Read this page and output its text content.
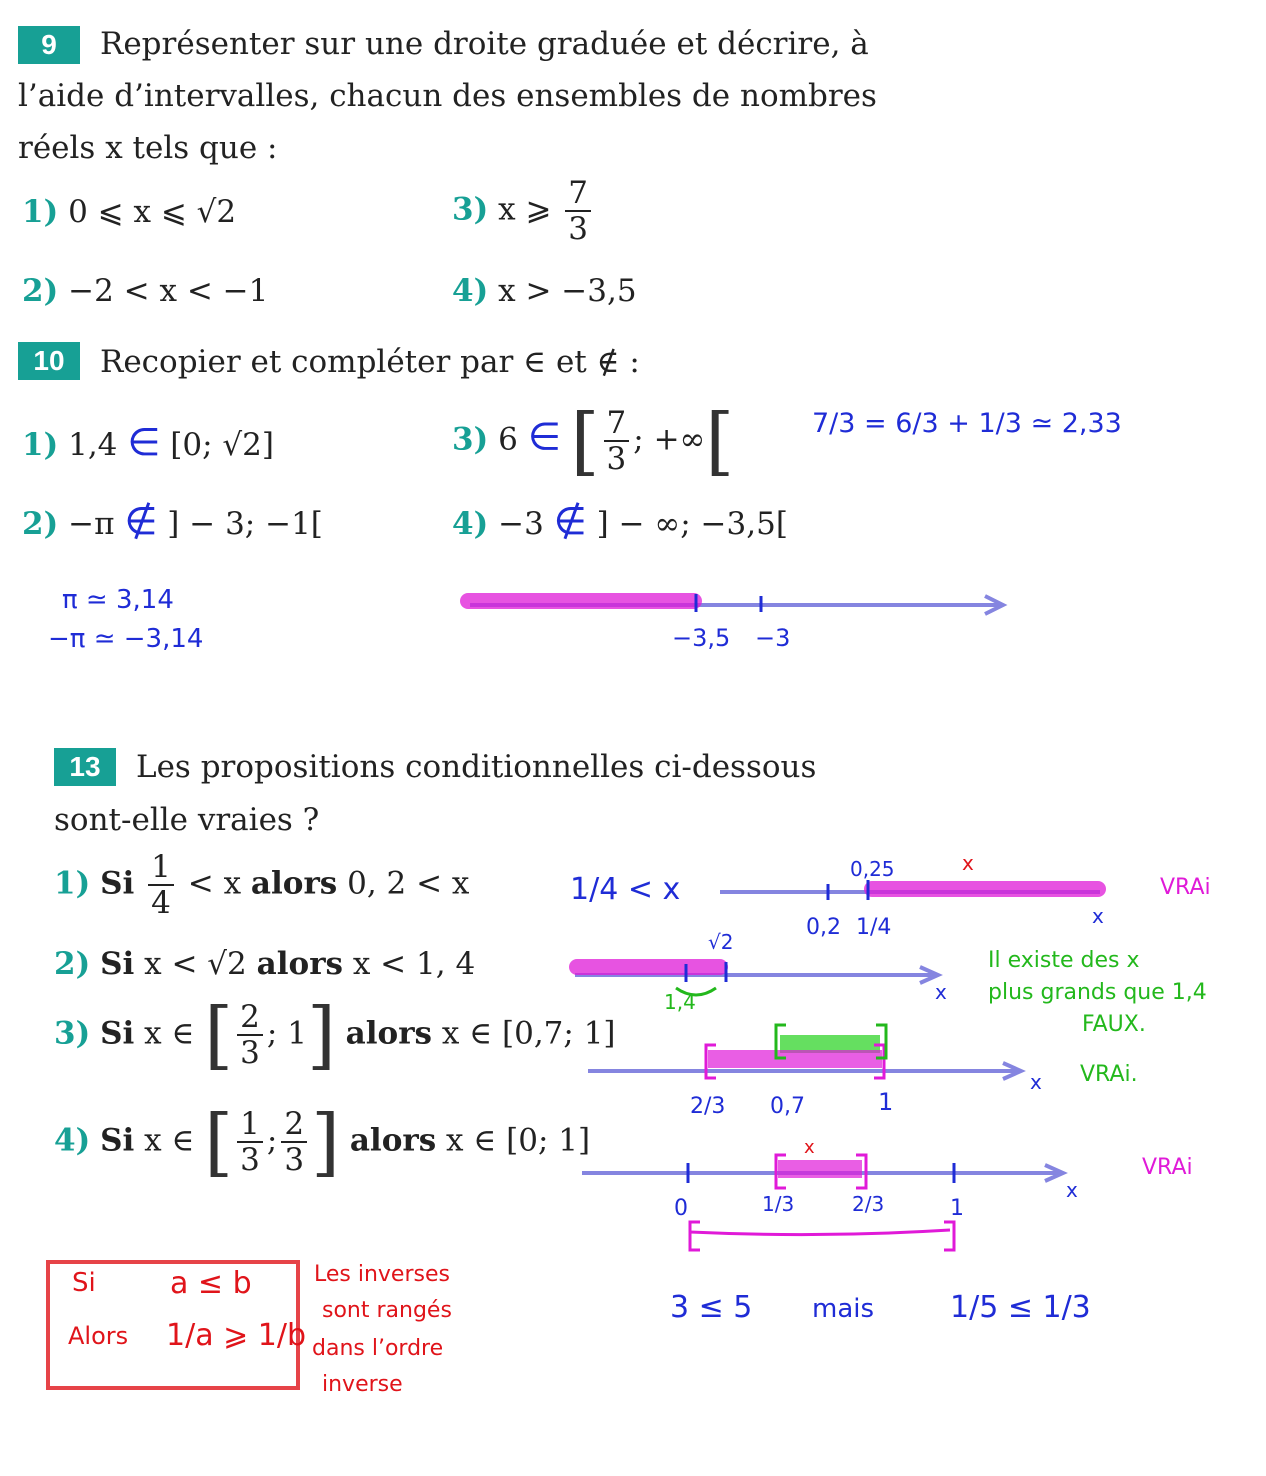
9	Représenter sur une droite graduée et décrire, à
l’aide d’intervalles, chacun des ensembles de nombres
réels x tels que :
1) 0 ⩽ x ⩽ √2
2) −2 < x < −1
3) x ⩾ $\frac{7}{3}$
4) x > −3,5
10	Recopier et compléter par ∈ et ∉ :
1) 1,4 ∈ [0; √2]
2) −π ∉ ] − 3; −1[
3) 6 ∈ [ $\frac{7}{3}$ ; +∞[
4) −3 ∉ ] − ∞; −3,5[
7/3 = 6/3 + 1/3 ≃ 2,33
π ≃ 3,14
−π ≃ −3,14	−3,5 −3
13	Les propositions conditionnelles ci-dessous
sont-elle vraies ?
1) Si $\frac{1}{4} < x$ alors 0, 2 < x
2) Si x < √2 alors x < 1, 4
3) Si x ∈ [ $\frac{2}{3}$ ; 1] alors x ∈ [0,7; 1]
4) Si x ∈ [ $\frac{1}{3}$ ; $\frac{2}{3}$ ] alors x ∈ [0; 1]
1/4 < x
0,25	x
0,2 1/4	x
VRAi
√2
1,4	x
Il existe des x
plus grands que 1,4
FAUX.
2/3 0,7	1
x VRAi.
x
0	1/3	2/3	1
x
VRAi
Si a ≤ b
Alors 1/a ⩾ 1/b
Les inverses
sont rangés
dans l’ordre
inverse
3 ≤ 5 mais	1/5 ≤ 1/3
